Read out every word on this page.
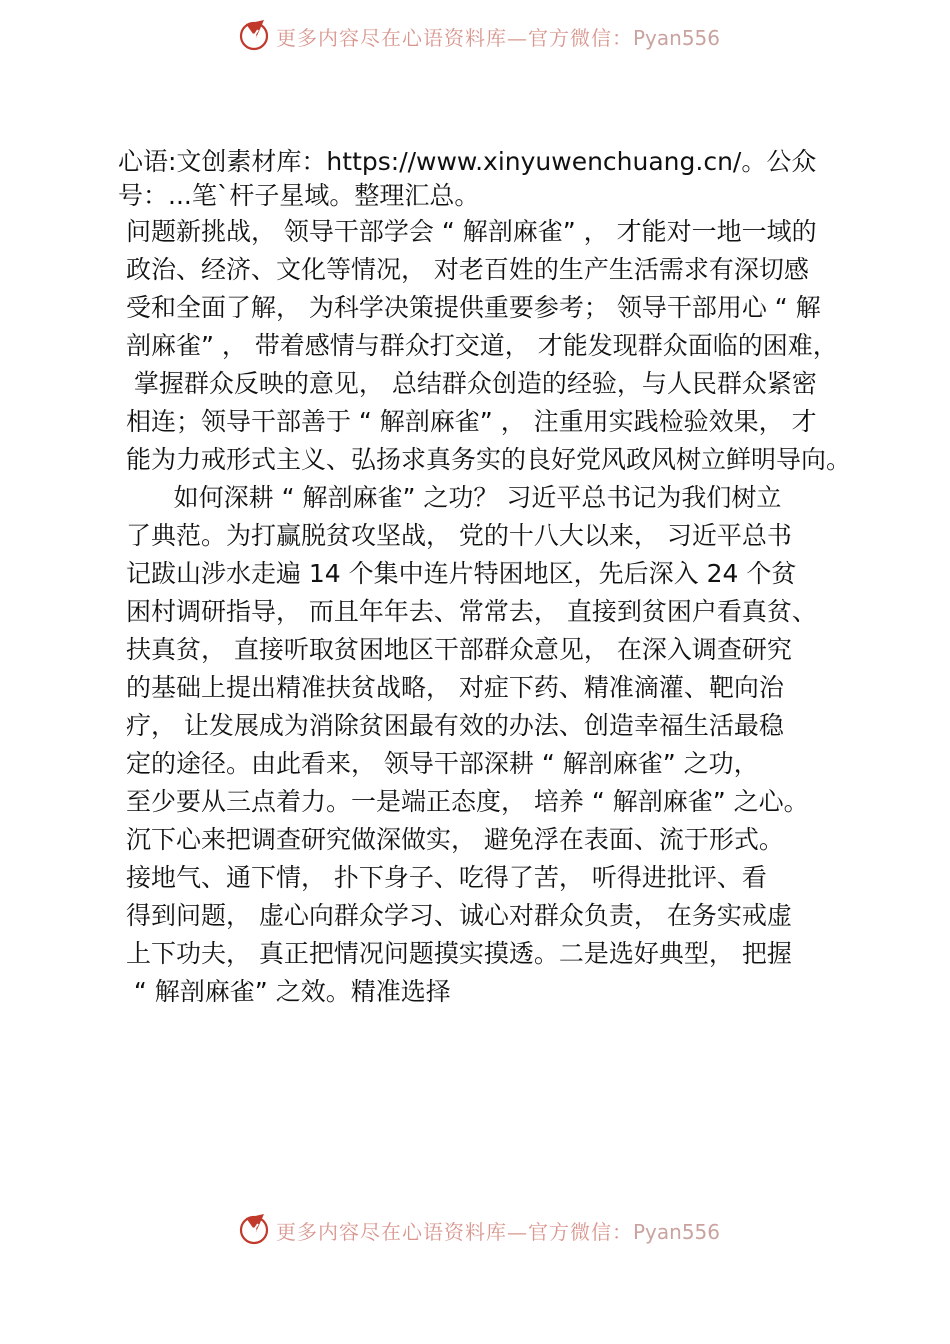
更多内容尽在心语资料库—官方微信：Pyan556
心语:文创素材库：https://www.xinyuwenchuang.cn/。公众
号：...笔`杆子星域。整理汇总。
问题新挑战， 领导干部学会 “ 解剖麻雀” ， 才能对一地一域的
政治、经济、文化等情况， 对老百姓的生产生活需求有深切感
受和全面了解， 为科学决策提供重要参考； 领导干部用心 “ 解
剖麻雀” ， 带着感情与群众打交道， 才能发现群众面临的困难，
掌握群众反映的意见， 总结群众创造的经验，与人民群众紧密
相连；领导干部善于 “ 解剖麻雀” ， 注重用实践检验效果， 才
能为力戒形式主义、弘扬求真务实的良好党风政风树立鲜明导向。
如何深耕 “ 解剖麻雀” 之功？ 习近平总书记为我们树立
了典范。为打赢脱贫攻坚战， 党的十八大以来， 习近平总书
记跋山涉水走遍 14 个集中连片特困地区，先后深入 24 个贫
困村调研指导， 而且年年去、常常去， 直接到贫困户看真贫、
扶真贫， 直接听取贫困地区干部群众意见， 在深入调查研究
的基础上提出精准扶贫战略， 对症下药、精准滴灌、靶向治
疗， 让发展成为消除贫困最有效的办法、创造幸福生活最稳
定的途径。由此看来， 领导干部深耕 “ 解剖麻雀” 之功，
至少要从三点着力。一是端正态度， 培养 “ 解剖麻雀” 之心。
沉下心来把调查研究做深做实， 避免浮在表面、流于形式。
接地气、通下情， 扑下身子、吃得了苦， 听得进批评、看
得到问题， 虚心向群众学习、诚心对群众负责， 在务实戒虚
上下功夫， 真正把情况问题摸实摸透。二是选好典型， 把握
“ 解剖麻雀” 之效。精准选择
更多内容尽在心语资料库—官方微信：Pyan556
